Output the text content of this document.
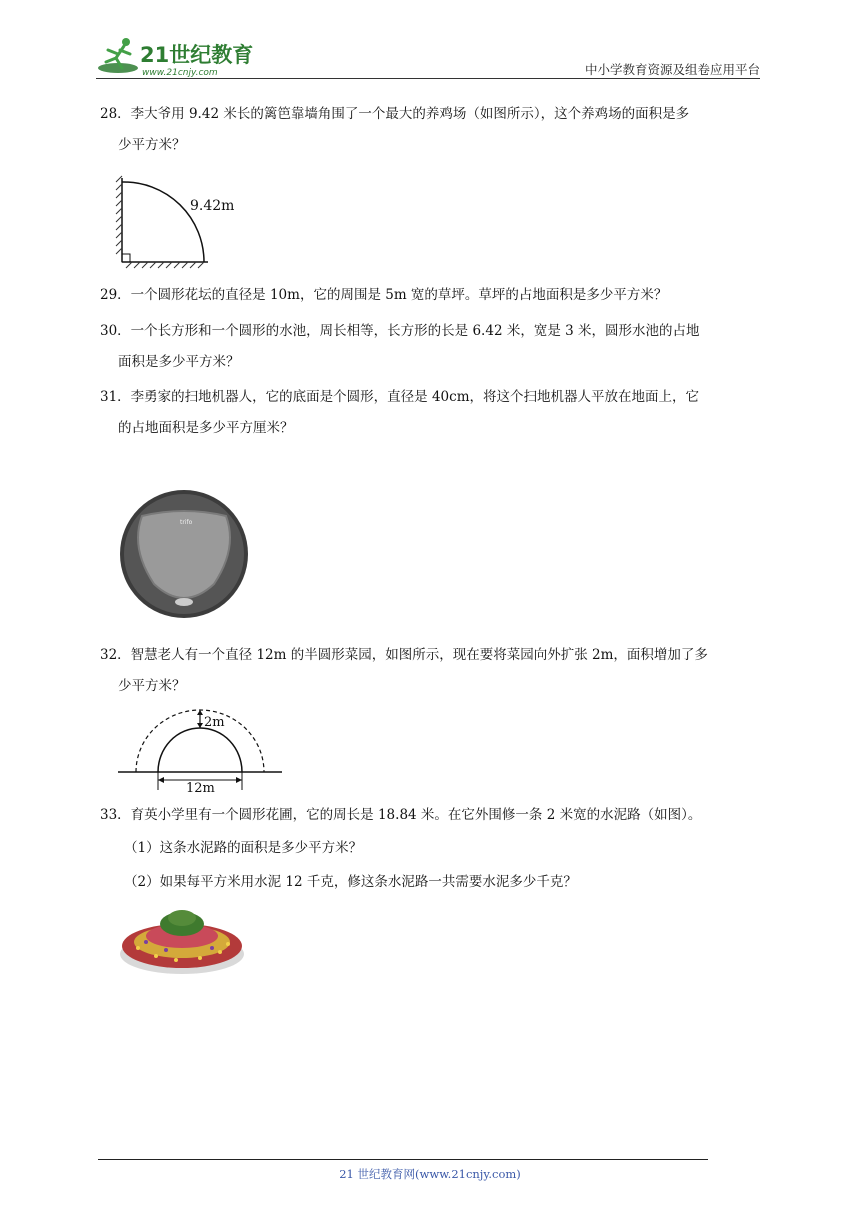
21世纪教育
www.21cnjy.com	中小学教育资源及组卷应用平台
28．李大爷用 9.42 米长的篱笆靠墙角围了一个最大的养鸡场（如图所示），这个养鸡场的面积是多
少平方米？
9.42m
29．一个圆形花坛的直径是 10m，它的周围是 5m 宽的草坪。草坪的占地面积是多少平方米？
30．一个长方形和一个圆形的水池，周长相等，长方形的长是 6.42 米，宽是 3 米，圆形水池的占地
面积是多少平方米？
31．李勇家的扫地机器人，它的底面是个圆形，直径是 40cm，将这个扫地机器人平放在地面上，它
的占地面积是多少平方厘米？
trifo
32．智慧老人有一个直径 12m 的半圆形菜园，如图所示，现在要将菜园向外扩张 2m，面积增加了多
少平方米？
2m
12m
33．育英小学里有一个圆形花圃，它的周长是 18.84 米。在它外围修一条 2 米宽的水泥路（如图）。
（1）这条水泥路的面积是多少平方米？
（2）如果每平方米用水泥 12 千克，修这条水泥路一共需要水泥多少千克？
21 世纪教育网(www.21cnjy.com)
